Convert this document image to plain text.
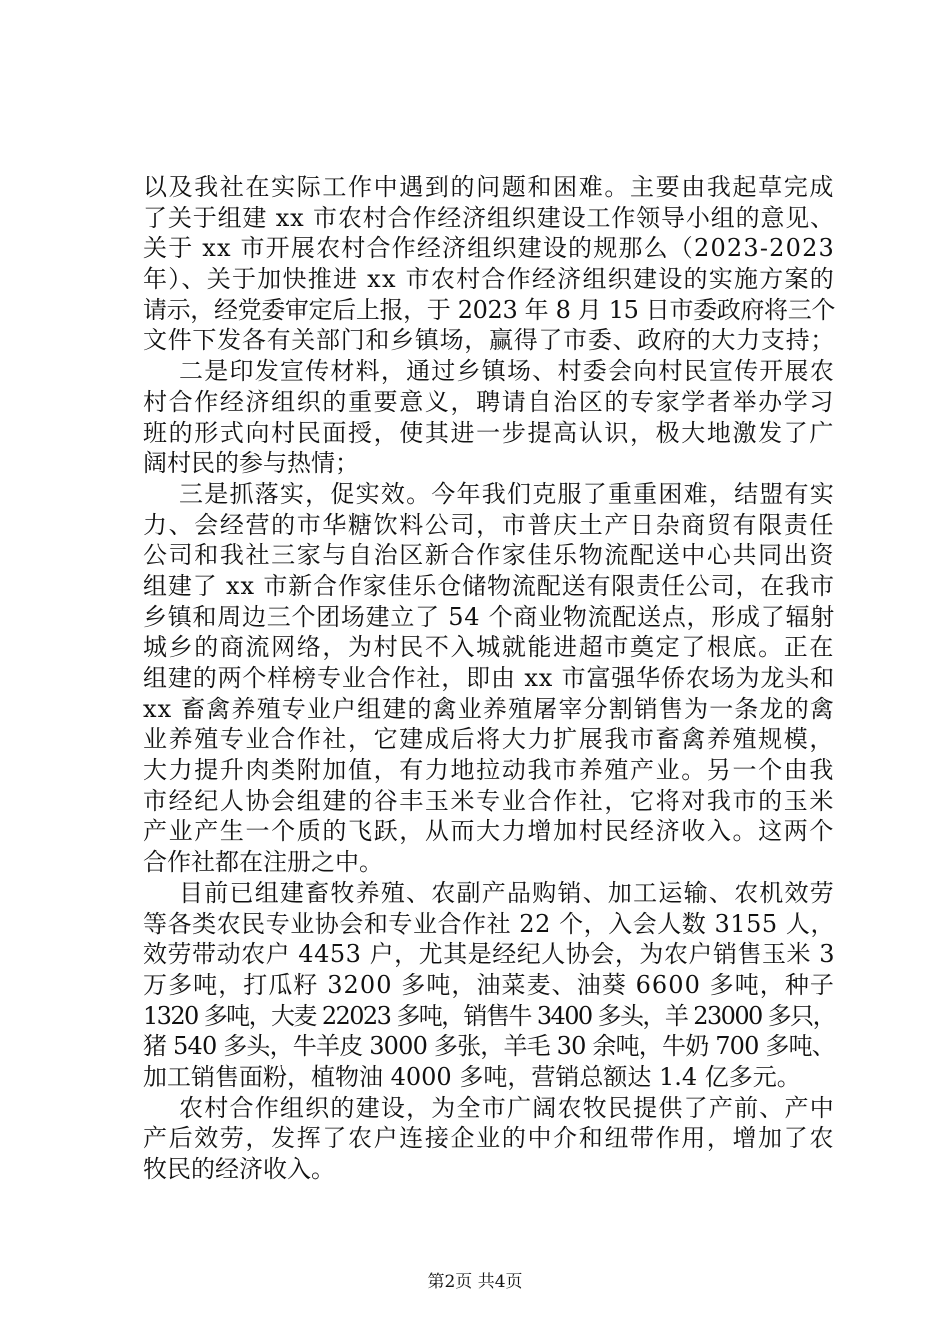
以及我社在实际工作中遇到的问题和困难。主要由我起草完成
了关于组建 xx 市农村合作经济组织建设工作领导小组的意见、
关于 xx 市开展农村合作经济组织建设的规那么（2023-2023
年）、关于加快推进 xx 市农村合作经济组织建设的实施方案的
请示，经党委审定后上报，于 2023 年 8 月 15 日市委政府将三个
文件下发各有关部门和乡镇场，赢得了市委、政府的大力支持；
二是印发宣传材料，通过乡镇场、村委会向村民宣传开展农
村合作经济组织的重要意义，聘请自治区的专家学者举办学习
班的形式向村民面授，使其进一步提高认识，极大地激发了广
阔村民的参与热情；
三是抓落实，促实效。今年我们克服了重重困难，结盟有实
力、会经营的市华糖饮料公司，市普庆土产日杂商贸有限责任
公司和我社三家与自治区新合作家佳乐物流配送中心共同出资
组建了 xx 市新合作家佳乐仓储物流配送有限责任公司，在我市
乡镇和周边三个团场建立了 54 个商业物流配送点，形成了辐射
城乡的商流网络，为村民不入城就能进超市奠定了根底。正在
组建的两个样榜专业合作社，即由 xx 市富强华侨农场为龙头和
xx 畜禽养殖专业户组建的禽业养殖屠宰分割销售为一条龙的禽
业养殖专业合作社，它建成后将大力扩展我市畜禽养殖规模，
大力提升肉类附加值，有力地拉动我市养殖产业。另一个由我
市经纪人协会组建的谷丰玉米专业合作社，它将对我市的玉米
产业产生一个质的飞跃，从而大力增加村民经济收入。这两个
合作社都在注册之中。
目前已组建畜牧养殖、农副产品购销、加工运输、农机效劳
等各类农民专业协会和专业合作社 22 个，入会人数 3155 人，
效劳带动农户 4453 户，尤其是经纪人协会，为农户销售玉米 3
万多吨，打瓜籽 3200 多吨，油菜麦、油葵 6600 多吨，种子
1320 多吨，大麦 22023 多吨，销售牛 3400 多头，羊 23000 多只，
猪 540 多头，牛羊皮 3000 多张，羊毛 30 余吨，牛奶 700 多吨、
加工销售面粉，植物油 4000 多吨，营销总额达 1.4 亿多元。
农村合作组织的建设，为全市广阔农牧民提供了产前、产中
产后效劳，发挥了农户连接企业的中介和纽带作用，增加了农
牧民的经济收入。
第2页 共4页
